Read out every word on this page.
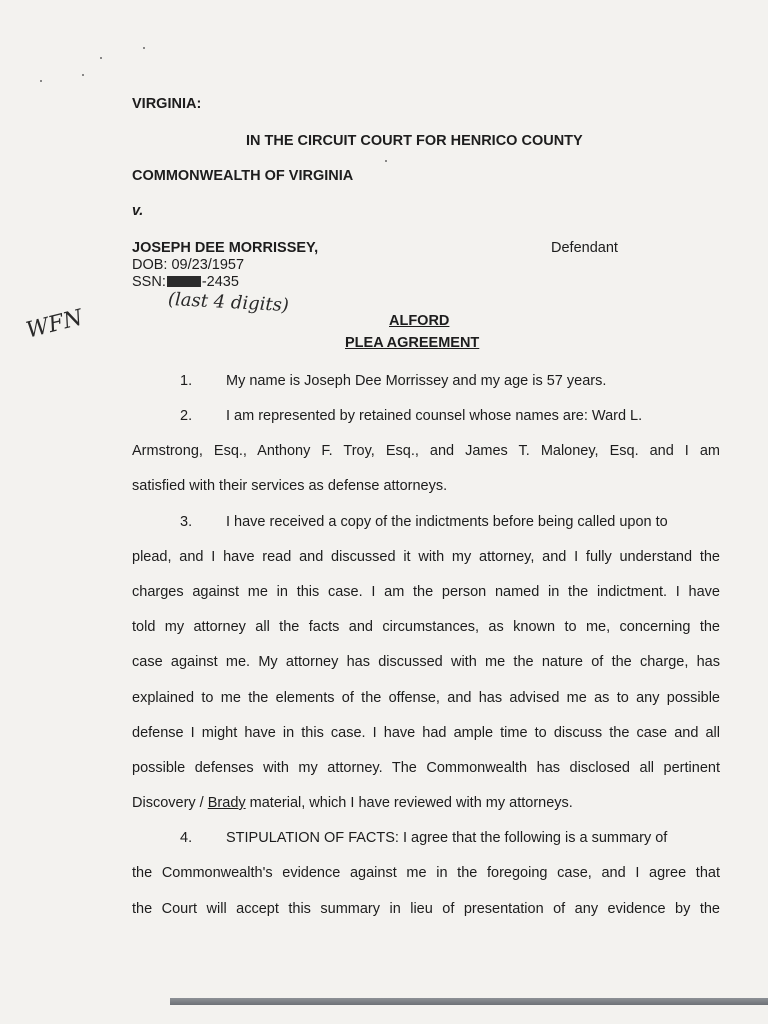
VIRGINIA:
IN THE CIRCUIT COURT FOR HENRICO COUNTY
COMMONWEALTH OF VIRGINIA
v.
JOSEPH DEE MORRISSEY,	Defendant
DOB: 09/23/1957
SSN: -2435
(last 4 digits)
WFN	ALFORD
PLEA AGREEMENT
1. My name is Joseph Dee Morrissey and my age is 57 years.
2. I am represented by retained counsel whose names are: Ward L.
Armstrong, Esq., Anthony F. Troy, Esq., and James T. Maloney, Esq. and I am
satisfied with their services as defense attorneys.
3. I have received a copy of the indictments before being called upon to
plead, and I have read and discussed it with my attorney, and I fully understand the
charges against me in this case. I am the person named in the indictment. I have
told my attorney all the facts and circumstances, as known to me, concerning the
case against me. My attorney has discussed with me the nature of the charge, has
explained to me the elements of the offense, and has advised me as to any possible
defense I might have in this case. I have had ample time to discuss the case and all
possible defenses with my attorney. The Commonwealth has disclosed all pertinent
Discovery / Brady material, which I have reviewed with my attorneys.
4. STIPULATION OF FACTS: I agree that the following is a summary of
the Commonwealth's evidence against me in the foregoing case, and I agree that
the Court will accept this summary in lieu of presentation of any evidence by the
